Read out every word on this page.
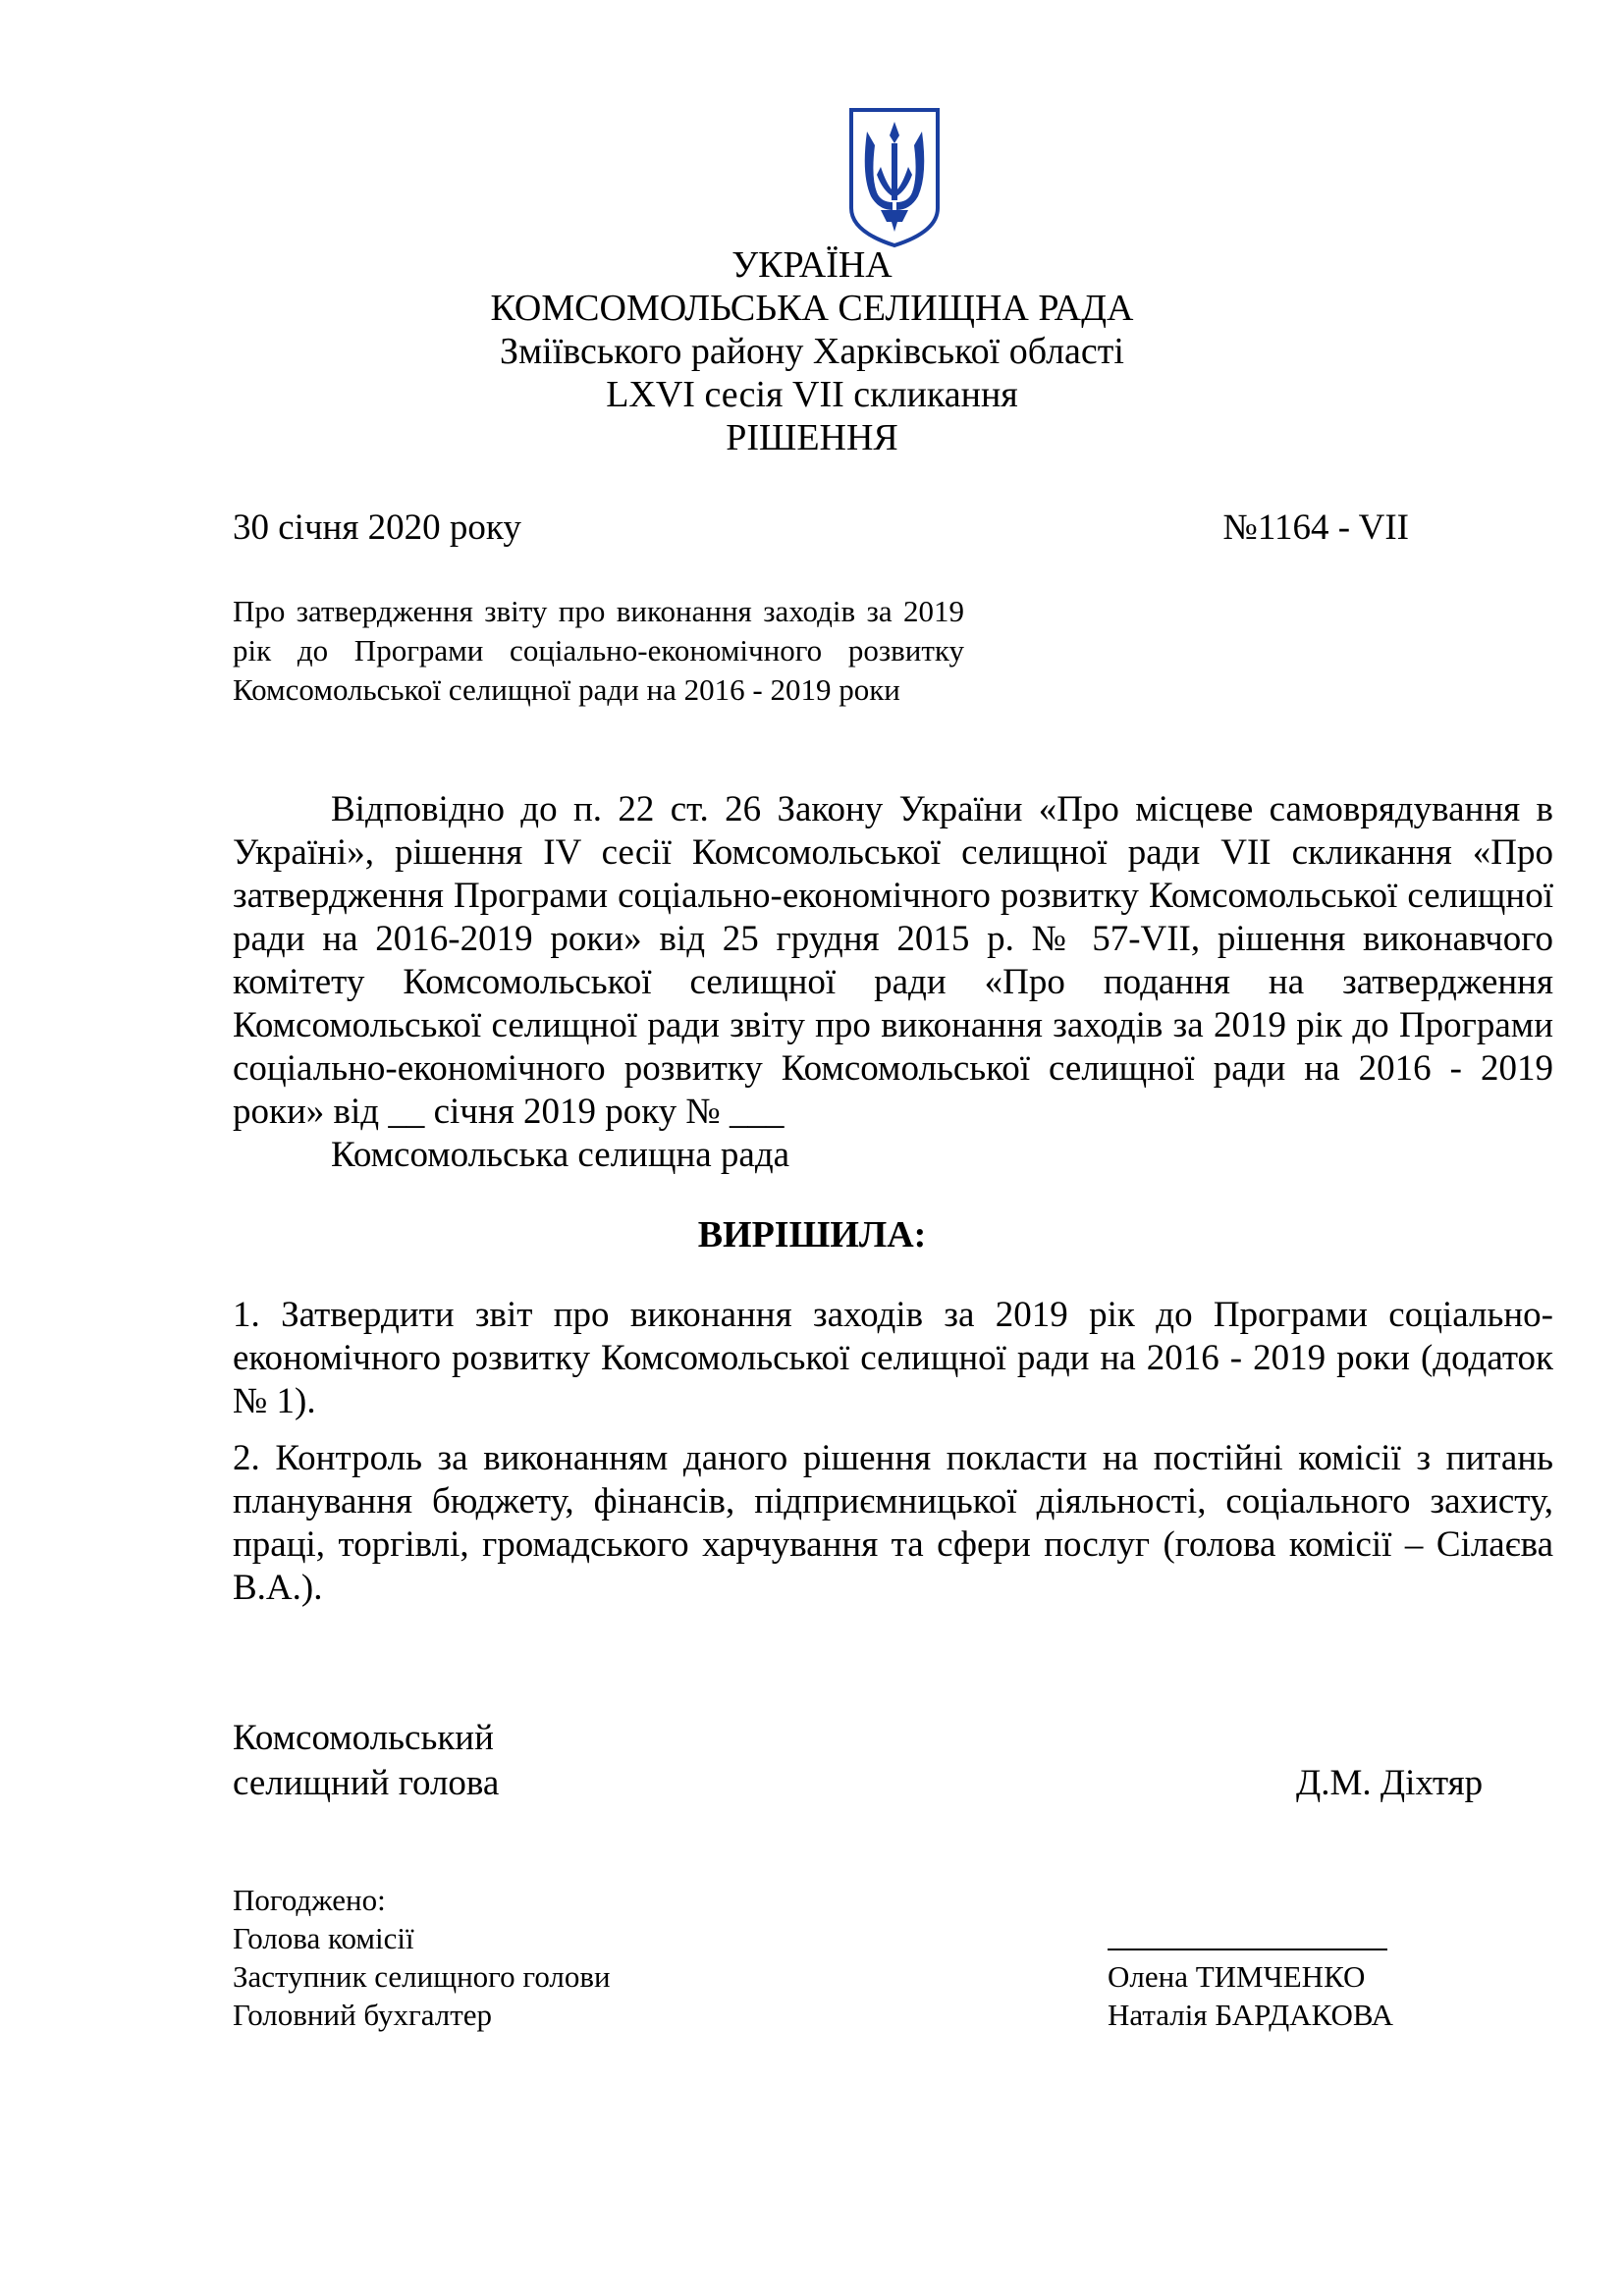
УКРАЇНА
КОМСОМОЛЬСЬКА СЕЛИЩНА РАДА
Зміївського району Харківської області
LXVI сесія VII скликання
РІШЕННЯ
30 січня 2020 року	№1164 - VII
Про затвердження звіту про виконання заходів за 2019 рік до Програми соціально-економічного розвитку Комсомольської селищної ради на 2016 - 2019 роки
Відповідно до п. 22 ст. 26 Закону України «Про місцеве самоврядування в Україні», рішення IV сесії Комсомольської селищної ради VII скликання «Про затвердження Програми соціально-економічного розвитку Комсомольської селищної ради на 2016-2019 роки» від 25 грудня 2015 р. № 57-VII, рішення виконавчого комітету Комсомольської селищної ради «Про подання на затвердження Комсомольської селищної ради звіту про виконання заходів за 2019 рік до Програми соціально-економічного розвитку Комсомольської селищної ради на 2016 - 2019 роки» від __ січня 2019 року № ___
Комсомольська селищна рада
ВИРІШИЛА:
1. Затвердити звіт про виконання заходів за 2019 рік до Програми соціально-економічного розвитку Комсомольської селищної ради на 2016 - 2019 роки (додаток № 1).
2. Контроль за виконанням даного рішення покласти на постійні комісії з питань планування бюджету, фінансів, підприємницької діяльності, соціального захисту, праці, торгівлі, громадського харчування та сфери послуг (голова комісії – Сілаєва В.А.).
Комсомольський
селищний голова	Д.М. Діхтяр
Погоджено:
Голова комісії
Заступник селищного голови
Головний бухгалтер
Олена ТИМЧЕНКО
Наталія БАРДАКОВА
